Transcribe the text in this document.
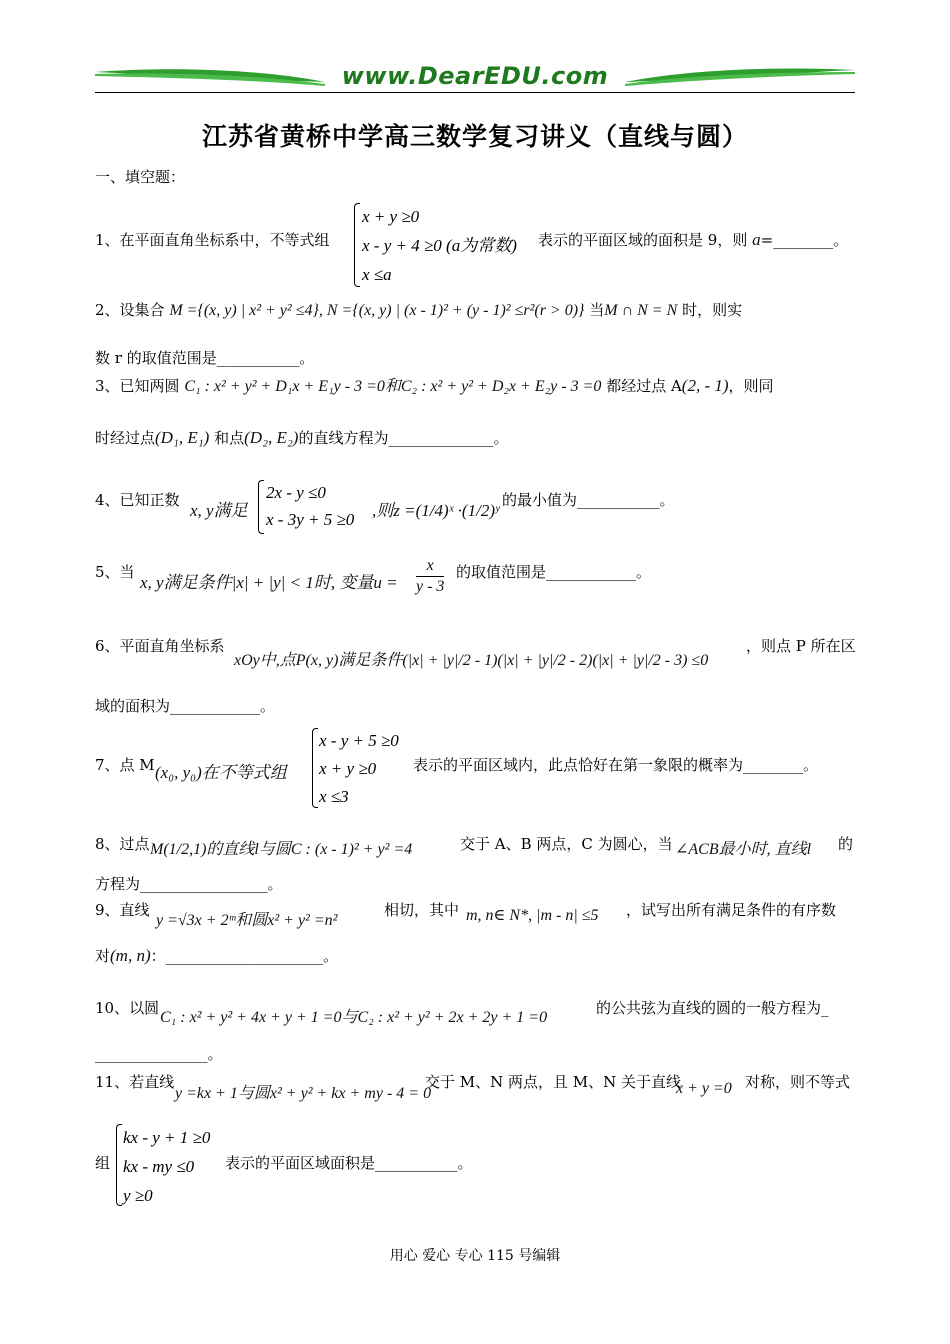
www.DearEDU.com
江苏省黄桥中学高三数学复习讲义（直线与圆）
一、填空题：
1、在平面直角坐标系中，不等式组
x + y ≥0
x - y + 4 ≥0 (a为常数)
x ≤a
表示的平面区域的面积是 9，则 a=________。
2、设集合 M ={(x, y) | x² + y² ≤4}, N ={(x, y) | (x - 1)² + (y - 1)² ≤r²(r > 0)} 当M ∩ N = N 时，则实
数 r 的取值范围是___________。
3、已知两圆 C₁ : x² + y² + D₁x + E₁y - 3 =0和C₂ : x² + y² + D₂x + E₂y - 3 =0 都经过点 A(2, - 1)，则同
时经过点(D₁, E₁) 和点(D₂, E₂)的直线方程为______________。
4、已知正数
x, y满足
2x - y ≤0
x - 3y + 5 ≥0 ,则z =(1/4)ˣ ·(1/2)ʸ
的最小值为___________。
5、当
x, y满足条件|x| + |y| < 1时, 变量$u = \frac{x}{y - 3}$ 的取值范围是____________。
6、平面直角坐标系
xOy中,点P(x, y)满足条件(|x| + |y|/2 - 1)(|x| + |y|/2 - 2)(|x| + |y|/2 - 3) ≤0
，则点 P 所在区
域的面积为____________。
7、点 M (x₀, y₀)在不等式组
x - y + 5 ≥0
x + y ≥0
x ≤3
表示的平面区域内，此点恰好在第一象限的概率为________。
8、过点 M(1/2,1)的直线l与圆C : (x - 1)² + y² =4	交于 A、B 两点，C 为圆心，当 ∠ACB最小时, 直线l 的
方程为_________________。
9、直线
y =√3x + 2ᵐ和圆x² + y² =n²
相切，其中 m, n∈ N*, |m - n| ≤5 ，试写出所有满足条件的有序数
对(m, n)：_____________________。
10、以圆
C₁ : x² + y² + 4x + y + 1 =0与C₂ : x² + y² + 2x + 2y + 1 =0
的公共弦为直线的圆的一般方程为_
_______________。
11、若直线
y =kx + 1与圆x² + y² + kx + my - 4 = 0
交于 M、N 两点，且 M、N 关于直线
x + y =0 对称，则不等式
组
kx - y + 1 ≥0
kx - my ≤0
y ≥0
表示的平面区域面积是___________。
用心 爱心 专心 115 号编辑
